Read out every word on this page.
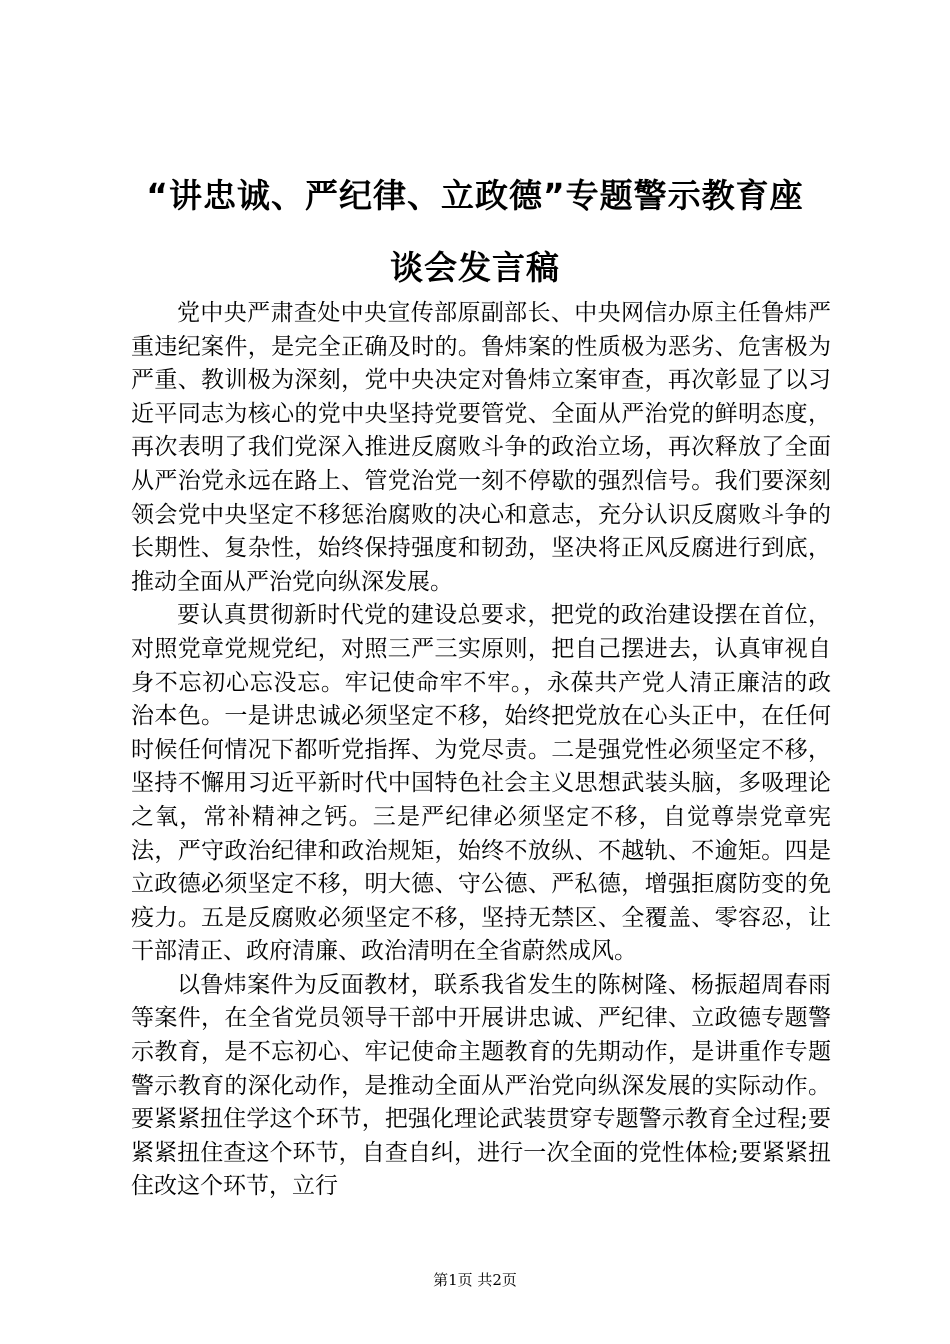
“讲忠诚、严纪律、立政德”专题警示教育座
谈会发言稿

党中央严肃查处中央宣传部原副部长、中央网信办原主任鲁炜严重违纪案件，是完全正确及时的。鲁炜案的性质极为恶劣、危害极为严重、教训极为深刻，党中央决定对鲁炜立案审查，再次彰显了以习近平同志为核心的党中央坚持党要管党、全面从严治党的鲜明态度，再次表明了我们党深入推进反腐败斗争的政治立场，再次释放了全面从严治党永远在路上、管党治党一刻不停歇的强烈信号。我们要深刻领会党中央坚定不移惩治腐败的决心和意志，充分认识反腐败斗争的长期性、复杂性，始终保持强度和韧劲，坚决将正风反腐进行到底，推动全面从严治党向纵深发展。

要认真贯彻新时代党的建设总要求，把党的政治建设摆在首位，对照党章党规党纪，对照三严三实原则，把自己摆进去，认真审视自身不忘初心忘没忘。牢记使命牢不牢。，永葆共产党人清正廉洁的政治本色。一是讲忠诚必须坚定不移，始终把党放在心头正中，在任何时候任何情况下都听党指挥、为党尽责。二是强党性必须坚定不移，坚持不懈用习近平新时代中国特色社会主义思想武装头脑，多吸理论之氧，常补精神之钙。三是严纪律必须坚定不移，自觉尊崇党章宪法，严守政治纪律和政治规矩，始终不放纵、不越轨、不逾矩。四是立政德必须坚定不移，明大德、守公德、严私德，增强拒腐防变的免疫力。五是反腐败必须坚定不移，坚持无禁区、全覆盖、零容忍，让干部清正、政府清廉、政治清明在全省蔚然成风。

以鲁炜案件为反面教材，联系我省发生的陈树隆、杨振超周春雨等案件，在全省党员领导干部中开展讲忠诚、严纪律、立政德专题警示教育，是不忘初心、牢记使命主题教育的先期动作，是讲重作专题警示教育的深化动作，是推动全面从严治党向纵深发展的实际动作。要紧紧扭住学这个环节，把强化理论武装贯穿专题警示教育全过程;要紧紧扭住查这个环节，自查自纠，进行一次全面的党性体检;要紧紧扭住改这个环节，立行

第1页 共2页
